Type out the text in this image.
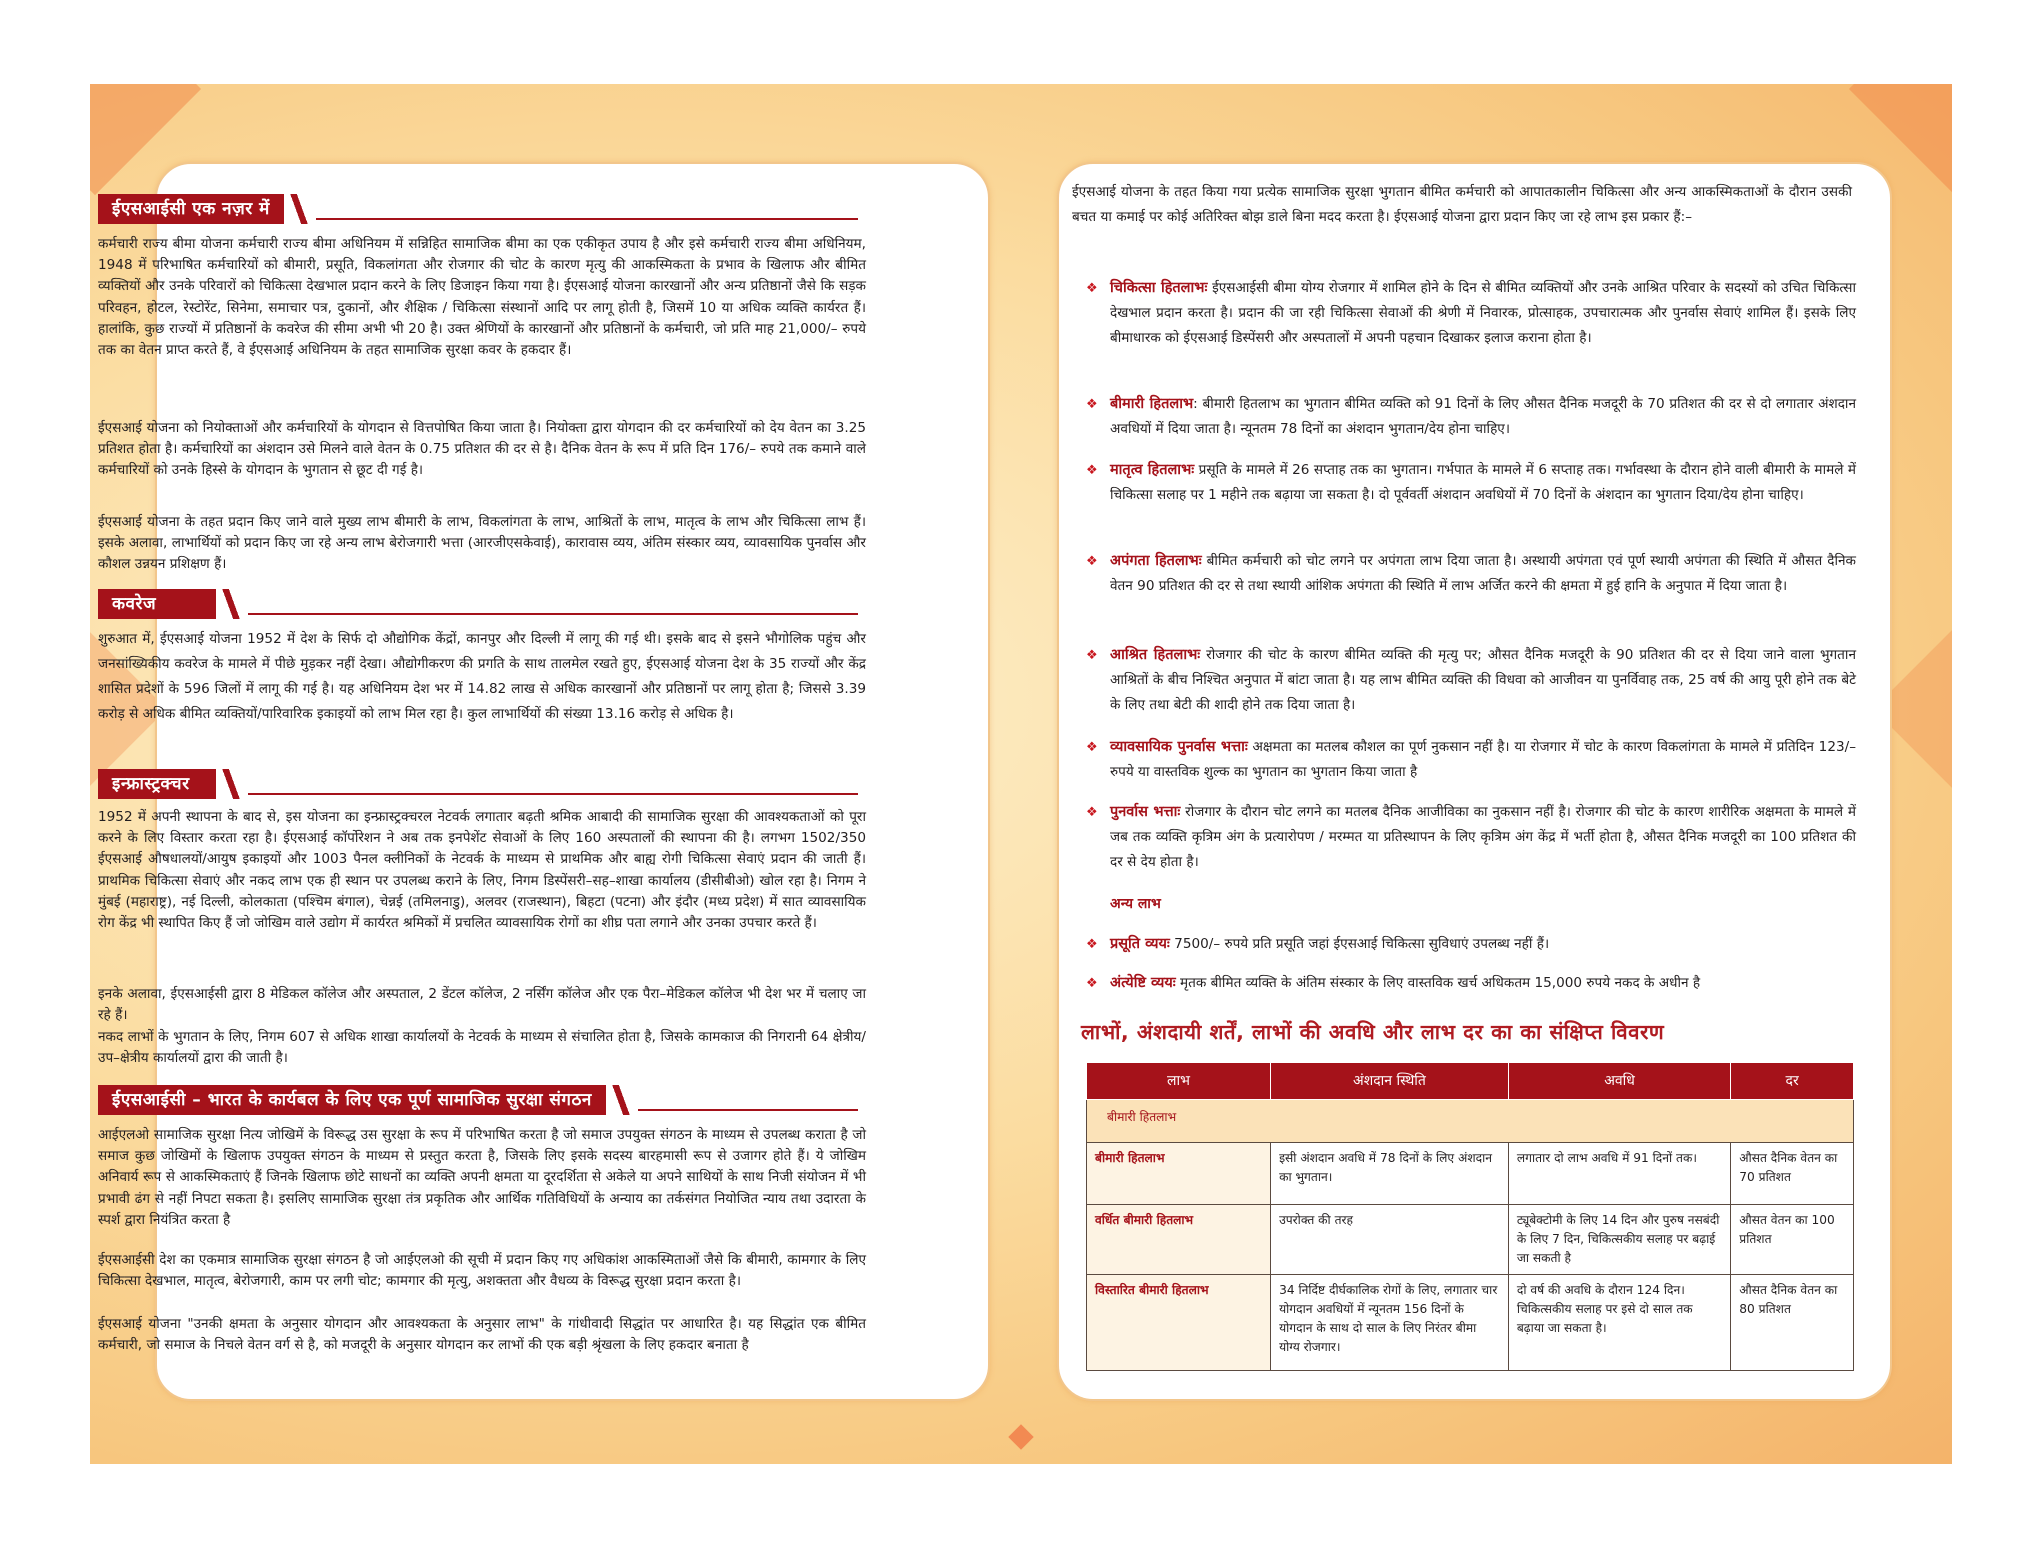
ईएसआईसी एक नज़र में

कर्मचारी राज्य बीमा योजना कर्मचारी राज्य बीमा अधिनियम में सन्निहित सामाजिक बीमा का एक एकीकृत उपाय है और इसे कर्मचारी राज्य बीमा अधिनियम, 1948 में परिभाषित कर्मचारियों को बीमारी, प्रसूति, विकलांगता और रोजगार की चोट के कारण मृत्यु की आकस्मिकता के प्रभाव के खिलाफ और बीमित व्यक्तियों और उनके परिवारों को चिकित्सा देखभाल प्रदान करने के लिए डिजाइन किया गया है। ईएसआई योजना कारखानों और अन्य प्रतिष्ठानों जैसे कि सड़क परिवहन, होटल, रेस्टोरेंट, सिनेमा, समाचार पत्र, दुकानों, और शैक्षिक / चिकित्सा संस्थानों आदि पर लागू होती है, जिसमें 10 या अधिक व्यक्ति कार्यरत हैं। हालांकि, कुछ राज्यों में प्रतिष्ठानों के कवरेज की सीमा अभी भी 20 है। उक्त श्रेणियों के कारखानों और प्रतिष्ठानों के कर्मचारी, जो प्रति माह 21,000/– रुपये तक का वेतन प्राप्त करते हैं, वे ईएसआई अधिनियम के तहत सामाजिक सुरक्षा कवर के हकदार हैं।

ईएसआई योजना को नियोक्ताओं और कर्मचारियों के योगदान से वित्तपोषित किया जाता है। नियोक्ता द्वारा योगदान की दर कर्मचारियों को देय वेतन का 3.25 प्रतिशत होता है। कर्मचारियों का अंशदान उसे मिलने वाले वेतन के 0.75 प्रतिशत की दर से है। दैनिक वेतन के रूप में प्रति दिन 176/– रुपये तक कमाने वाले कर्मचारियों को उनके हिस्से के योगदान के भुगतान से छूट दी गई है।

ईएसआई योजना के तहत प्रदान किए जाने वाले मुख्य लाभ बीमारी के लाभ, विकलांगता के लाभ, आश्रितों के लाभ, मातृत्व के लाभ और चिकित्सा लाभ हैं। इसके अलावा, लाभार्थियों को प्रदान किए जा रहे अन्य लाभ बेरोजगारी भत्ता (आरजीएसकेवाई), कारावास व्यय, अंतिम संस्कार व्यय, व्यावसायिक पुनर्वास और कौशल उन्नयन प्रशिक्षण हैं।

कवरेज

शुरुआत में, ईएसआई योजना 1952 में देश के सिर्फ दो औद्योगिक केंद्रों, कानपुर और दिल्ली में लागू की गई थी। इसके बाद से इसने भौगोलिक पहुंच और जनसांख्यिकीय कवरेज के मामले में पीछे मुड़कर नहीं देखा। औद्योगीकरण की प्रगति के साथ तालमेल रखते हुए, ईएसआई योजना देश के 35 राज्यों और केंद्र शासित प्रदेशों के 596 जिलों में लागू की गई है। यह अधिनियम देश भर में 14.82 लाख से अधिक कारखानों और प्रतिष्ठानों पर लागू होता है; जिससे 3.39 करोड़ से अधिक बीमित व्यक्तियों/पारिवारिक इकाइयों को लाभ मिल रहा है। कुल लाभार्थियों की संख्या 13.16 करोड़ से अधिक है।

इन्फ्रास्ट्रक्चर

1952 में अपनी स्थापना के बाद से, इस योजना का इन्फ्रास्ट्रक्चरल नेटवर्क लगातार बढ़ती श्रमिक आबादी की सामाजिक सुरक्षा की आवश्यकताओं को पूरा करने के लिए विस्तार करता रहा है। ईएसआई कॉर्पोरेशन ने अब तक इनपेशेंट सेवाओं के लिए 160 अस्पतालों की स्थापना की है। लगभग 1502/350 ईएसआई औषधालयों/आयुष इकाइयों और 1003 पैनल क्लीनिकों के नेटवर्क के माध्यम से प्राथमिक और बाह्य रोगी चिकित्सा सेवाएं प्रदान की जाती हैं। प्राथमिक चिकित्सा सेवाएं और नकद लाभ एक ही स्थान पर उपलब्ध कराने के लिए, निगम डिस्पेंसरी–सह–शाखा कार्यालय (डीसीबीओ) खोल रहा है। निगम ने मुंबई (महाराष्ट्र), नई दिल्ली, कोलकाता (पश्चिम बंगाल), चेन्नई (तमिलनाडु), अलवर (राजस्थान), बिहटा (पटना) और इंदौर (मध्य प्रदेश) में सात व्यावसायिक रोग केंद्र भी स्थापित किए हैं जो जोखिम वाले उद्योग में कार्यरत श्रमिकों में प्रचलित व्यावसायिक रोगों का शीघ्र पता लगाने और उनका उपचार करते हैं।

इनके अलावा, ईएसआईसी द्वारा 8 मेडिकल कॉलेज और अस्पताल, 2 डेंटल कॉलेज, 2 नर्सिंग कॉलेज और एक पैरा–मेडिकल कॉलेज भी देश भर में चलाए जा रहे हैं।

नकद लाभों के भुगतान के लिए, निगम 607 से अधिक शाखा कार्यालयों के नेटवर्क के माध्यम से संचालित होता है, जिसके कामकाज की निगरानी 64 क्षेत्रीय/उप–क्षेत्रीय कार्यालयों द्वारा की जाती है।

ईएसआईसी – भारत के कार्यबल के लिए एक पूर्ण सामाजिक सुरक्षा संगठन

आईएलओ सामाजिक सुरक्षा नित्य जोखिमें के विरूद्ध उस सुरक्षा के रूप में परिभाषित करता है जो समाज उपयुक्त संगठन के माध्यम से उपलब्ध कराता है जो समाज कुछ जोखिमों के खिलाफ उपयुक्त संगठन के माध्यम से प्रस्तुत करता है, जिसके लिए इसके सदस्य बारहमासी रूप से उजागर होते हैं। ये जोखिम अनिवार्य रूप से आकस्मिकताएं हैं जिनके खिलाफ छोटे साधनों का व्यक्ति अपनी क्षमता या दूरदर्शिता से अकेले या अपने साथियों के साथ निजी संयोजन में भी प्रभावी ढंग से नहीं निपटा सकता है। इसलिए सामाजिक सुरक्षा तंत्र प्रकृतिक और आर्थिक गतिविधियों के अन्याय का तर्कसंगत नियोजित न्याय तथा उदारता के स्पर्श द्वारा नियंत्रित करता है

ईएसआईसी देश का एकमात्र सामाजिक सुरक्षा संगठन है जो आईएलओ की सूची में प्रदान किए गए अधिकांश आकस्मिताओं जैसे कि बीमारी, कामगार के लिए चिकित्सा देखभाल, मातृत्व, बेरोजगारी, काम पर लगी चोट; कामगार की मृत्यु, अशक्तता और वैधव्य के विरूद्ध सुरक्षा प्रदान करता है।

ईएसआई योजना "उनकी क्षमता के अनुसार योगदान और आवश्यकता के अनुसार लाभ" के गांधीवादी सिद्धांत पर आधारित है। यह सिद्धांत एक बीमित कर्मचारी, जो समाज के निचले वेतन वर्ग से है, को मजदूरी के अनुसार योगदान कर लाभों की एक बड़ी श्रृंखला के लिए हकदार बनाता है

ईएसआई योजना के तहत किया गया प्रत्येक सामाजिक सुरक्षा भुगतान बीमित कर्मचारी को आपातकालीन चिकित्सा और अन्य आकस्मिकताओं के दौरान उसकी बचत या कमाई पर कोई अतिरिक्त बोझ डाले बिना मदद करता है। ईएसआई योजना द्वारा प्रदान किए जा रहे लाभ इस प्रकार हैं:–

❖ चिकित्सा हितलाभः ईएसआईसी बीमा योग्य रोजगार में शामिल होने के दिन से बीमित व्यक्तियों और उनके आश्रित परिवार के सदस्यों को उचित चिकित्सा देखभाल प्रदान करता है। प्रदान की जा रही चिकित्सा सेवाओं की श्रेणी में निवारक, प्रोत्साहक, उपचारात्मक और पुनर्वास सेवाएं शामिल हैं। इसके लिए बीमाधारक को ईएसआई डिस्पेंसरी और अस्पतालों में अपनी पहचान दिखाकर इलाज कराना होता है।
❖ बीमारी हितलाभ: बीमारी हितलाभ का भुगतान बीमित व्यक्ति को 91 दिनों के लिए औसत दैनिक मजदूरी के 70 प्रतिशत की दर से दो लगातार अंशदान अवधियों में दिया जाता है। न्यूनतम 78 दिनों का अंशदान भुगतान/देय होना चाहिए।
❖ मातृत्व हितलाभः प्रसूति के मामले में 26 सप्ताह तक का भुगतान। गर्भपात के मामले में 6 सप्ताह तक। गर्भावस्था के दौरान होने वाली बीमारी के मामले में चिकित्सा सलाह पर 1 महीने तक बढ़ाया जा सकता है। दो पूर्ववर्ती अंशदान अवधियों में 70 दिनों के अंशदान का भुगतान दिया/देय होना चाहिए।
❖ अपंगता हितलाभः बीमित कर्मचारी को चोट लगने पर अपंगता लाभ दिया जाता है। अस्थायी अपंगता एवं पूर्ण स्थायी अपंगता की स्थिति में औसत दैनिक वेतन 90 प्रतिशत की दर से तथा स्थायी आंशिक अपंगता की स्थिति में लाभ अर्जित करने की क्षमता में हुई हानि के अनुपात में दिया जाता है।
❖ आश्रित हितलाभः रोजगार की चोट के कारण बीमित व्यक्ति की मृत्यु पर; औसत दैनिक मजदूरी के 90 प्रतिशत की दर से दिया जाने वाला भुगतान आश्रितों के बीच निश्चित अनुपात में बांटा जाता है। यह लाभ बीमित व्यक्ति की विधवा को आजीवन या पुनर्विवाह तक, 25 वर्ष की आयु पूरी होने तक बेटे के लिए तथा बेटी की शादी होने तक दिया जाता है।
❖ व्यावसायिक पुनर्वास भत्ताः अक्षमता का मतलब कौशल का पूर्ण नुकसान नहीं है। या रोजगार में चोट के कारण विकलांगता के मामले में प्रतिदिन 123/– रुपये या वास्तविक शुल्क का भुगतान का भुगतान किया जाता है
❖ पुनर्वास भत्ताः रोजगार के दौरान चोट लगने का मतलब दैनिक आजीविका का नुकसान नहीं है। रोजगार की चोट के कारण शारीरिक अक्षमता के मामले में जब तक व्यक्ति कृत्रिम अंग के प्रत्यारोपण / मरम्मत या प्रतिस्थापन के लिए कृत्रिम अंग केंद्र में भर्ती होता है, औसत दैनिक मजदूरी का 100 प्रतिशत की दर से देय होता है।
अन्य लाभ
❖ प्रसूति व्ययः 7500/– रुपये प्रति प्रसूति जहां ईएसआई चिकित्सा सुविधाएं उपलब्ध नहीं हैं।
❖ अंत्येष्टि व्ययः मृतक बीमित व्यक्ति के अंतिम संस्कार के लिए वास्तविक खर्च अधिकतम 15,000 रुपये नकद के अधीन है
लाभों, अंशदायी शर्तें, लाभों की अवधि और लाभ दर का का संक्षिप्त विवरण
लाभ	अंशदान स्थिति	अवधि	दर
बीमारी हितलाभ			
बीमारी हितलाभ	इसी अंशदान अवधि में 78 दिनों के लिए अंशदान का भुगतान।	लगातार दो लाभ अवधि में 91 दिनों तक।	औसत दैनिक वेतन का 70 प्रतिशत
वर्धित बीमारी हितलाभ	उपरोक्त की तरह	ट्यूबेक्टोमी के लिए 14 दिन और पुरुष नसबंदी के लिए 7 दिन, चिकित्सकीय सलाह पर बढ़ाई जा सकती है	औसत वेतन का 100 प्रतिशत
विस्तारित बीमारी हितलाभ	34 निर्दिष्ट दीर्घकालिक रोगों के लिए, लगातार चार योगदान अवधियों में न्यूनतम 156 दिनों के योगदान के साथ दो साल के लिए निरंतर बीमा योग्य रोजगार।	दो वर्ष की अवधि के दौरान 124 दिन। चिकित्सकीय सलाह पर इसे दो साल तक बढ़ाया जा सकता है।	औसत दैनिक वेतन का 80 प्रतिशत
